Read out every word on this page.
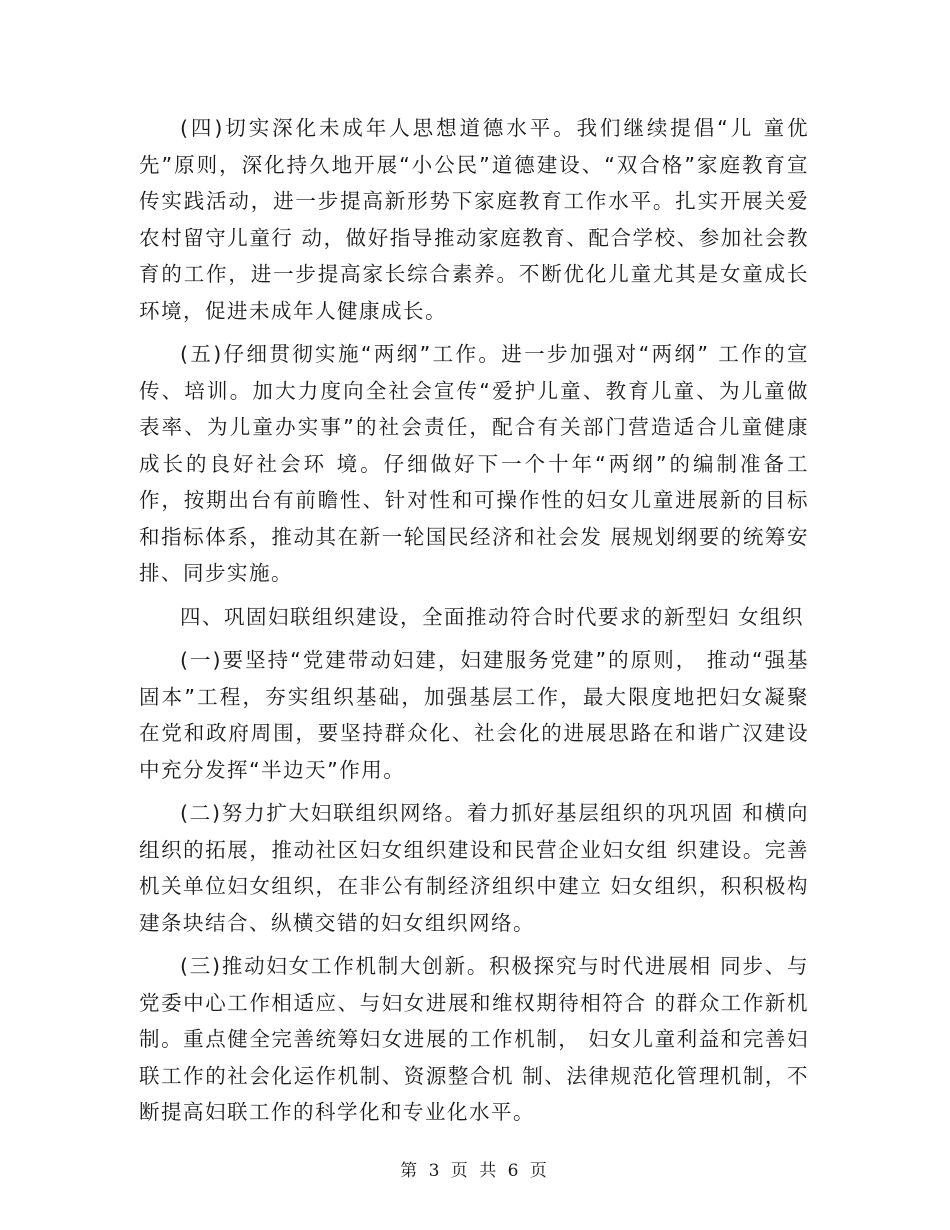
(四)切实深化未成年人思想道德水平。我们继续提倡“儿 童优先”原则，深化持久地开展“小公民”道德建设、“双合格”家庭教育宣传实践活动，进一步提高新形势下家庭教育工作水平。扎实开展关爱农村留守儿童行 动，做好指导推动家庭教育、配合学校、参加社会教育的工作，进一步提高家长综合素养。不断优化儿童尤其是女童成长环境，促进未成年人健康成长。

(五)仔细贯彻实施“两纲”工作。进一步加强对“两纲” 工作的宣传、培训。加大力度向全社会宣传“爱护儿童、教育儿童、为儿童做表率、为儿童办实事”的社会责任，配合有关部门营造适合儿童健康成长的良好社会环 境。仔细做好下一个十年“两纲”的编制准备工作，按期出台有前瞻性、针对性和可操作性的妇女儿童进展新的目标和指标体系，推动其在新一轮国民经济和社会发 展规划纲要的统筹安排、同步实施。

四、巩固妇联组织建设，全面推动符合时代要求的新型妇 女组织

(一)要坚持“党建带动妇建，妇建服务党建”的原则， 推动“强基固本”工程，夯实组织基础，加强基层工作，最大限度地把妇女凝聚在党和政府周围，要坚持群众化、社会化的进展思路在和谐广汉建设中充分发挥“半边天”作用。

(二)努力扩大妇联组织网络。着力抓好基层组织的巩巩固 和横向组织的拓展，推动社区妇女组织建设和民营企业妇女组 织建设。完善机关单位妇女组织，在非公有制经济组织中建立 妇女组织，积积极构建条块结合、纵横交错的妇女组织网络。

(三)推动妇女工作机制大创新。积极探究与时代进展相 同步、与党委中心工作相适应、与妇女进展和维权期待相符合 的群众工作新机制。重点健全完善统筹妇女进展的工作机制， 妇女儿童利益和完善妇联工作的社会化运作机制、资源整合机 制、法律规范化管理机制，不断提高妇联工作的科学化和专业化水平。

第 3 页 共 6 页
